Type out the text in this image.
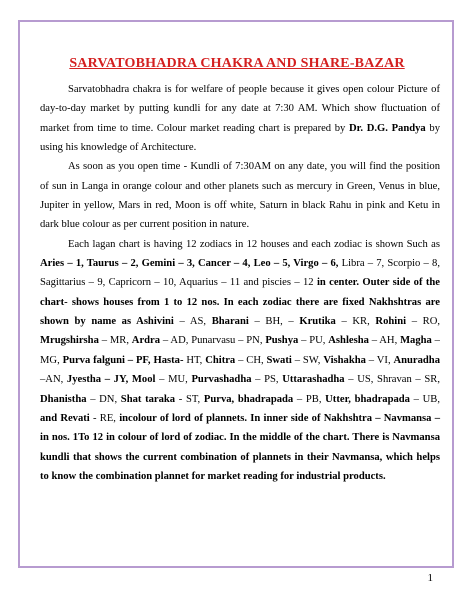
SARVATOBHADRA CHAKRA AND SHARE-BAZAR

Sarvatobhadra chakra is for welfare of people because it gives open colour Picture of day-to-day market by putting kundli for any date at 7:30 AM. Which show fluctuation of market from time to time. Colour market reading chart is prepared by Dr. D.G. Pandya by using his knowledge of Architecture.

As soon as you open time - Kundli of 7:30AM on any date, you will find the position of sun in Langa in orange colour and other planets such as mercury in Green, Venus in blue, Jupiter in yellow, Mars in red, Moon is off white, Saturn in black Rahu in pink and Ketu in dark blue colour as per current position in nature.

Each lagan chart is having 12 zodiacs in 12 houses and each zodiac is shown Such as Aries – 1, Taurus – 2, Gemini – 3, Cancer – 4, Leo – 5, Virgo – 6, Libra – 7, Scorpio – 8, Sagittarius – 9, Capricorn – 10, Aquarius – 11 and piscies – 12 in center. Outer side of the chart- shows houses from 1 to 12 nos. In each zodiac there are fixed Nakhshtras are shown by name as Ashivini – AS, Bharani – BH, – Krutika – KR, Rohini – RO, Mrugshirsha – MR, Ardra – AD, Punarvasu – PN, Pushya – PU, Ashlesha – AH, Magha – MG, Purva falguni – PF, Hasta- HT, Chitra – CH, Swati – SW, Vishakha – VI, Anuradha –AN, Jyestha – JY, Mool – MU, Purvashadha – PS, Uttarashadha – US, Shravan – SR, Dhanistha – DN, Shat taraka - ST, Purva, bhadrapada – PB, Utter, bhadrapada – UB, and Revati - RE, incolour of lord of plannets. In inner side of Nakhshtra – Navmansa – in nos. 1To 12 in colour of lord of zodiac. In the middle of the chart. There is Navmansa kundli that shows the current combination of plannets in their Navmansa, which helps to know the combination plannet for market reading for industrial products.

1
